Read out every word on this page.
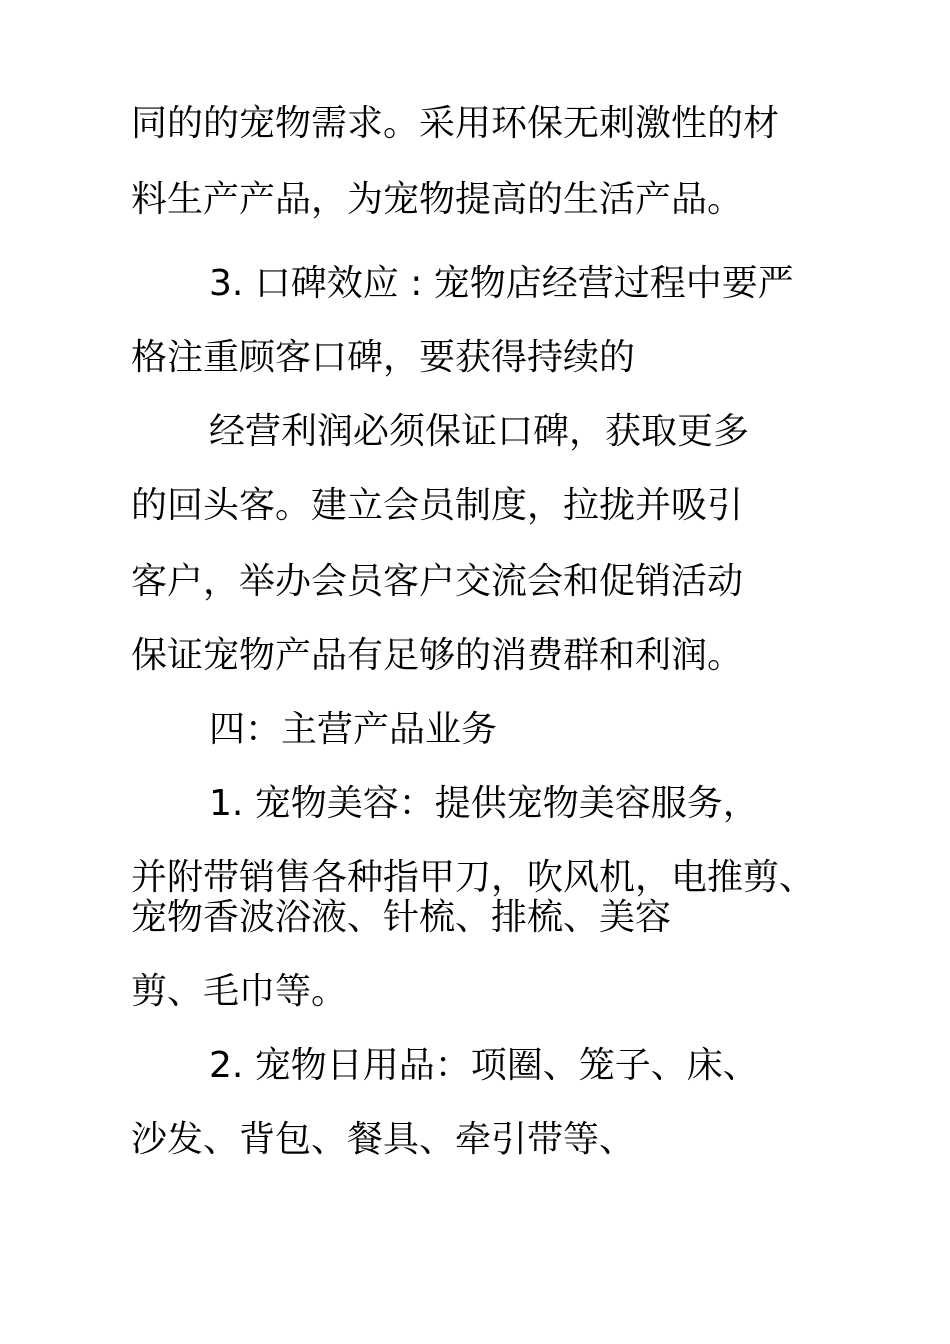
同的的宠物需求。采用环保无刺激性的材
料生产产品，为宠物提高的生活产品。
3. 口碑效应 : 宠物店经营过程中要严
格注重顾客口碑，要获得持续的
经营利润必须保证口碑，获取更多
的回头客。建立会员制度，拉拢并吸引
客户，举办会员客户交流会和促销活动
保证宠物产品有足够的消费群和利润。
四：主营产品业务
1. 宠物美容：提供宠物美容服务，
并附带销售各种指甲刀，吹风机，电推剪、
宠物香波浴液、针梳、排梳、美容
剪、毛巾等。
2. 宠物日用品：项圈、笼子、床、
沙发、背包、餐具、牵引带等、
